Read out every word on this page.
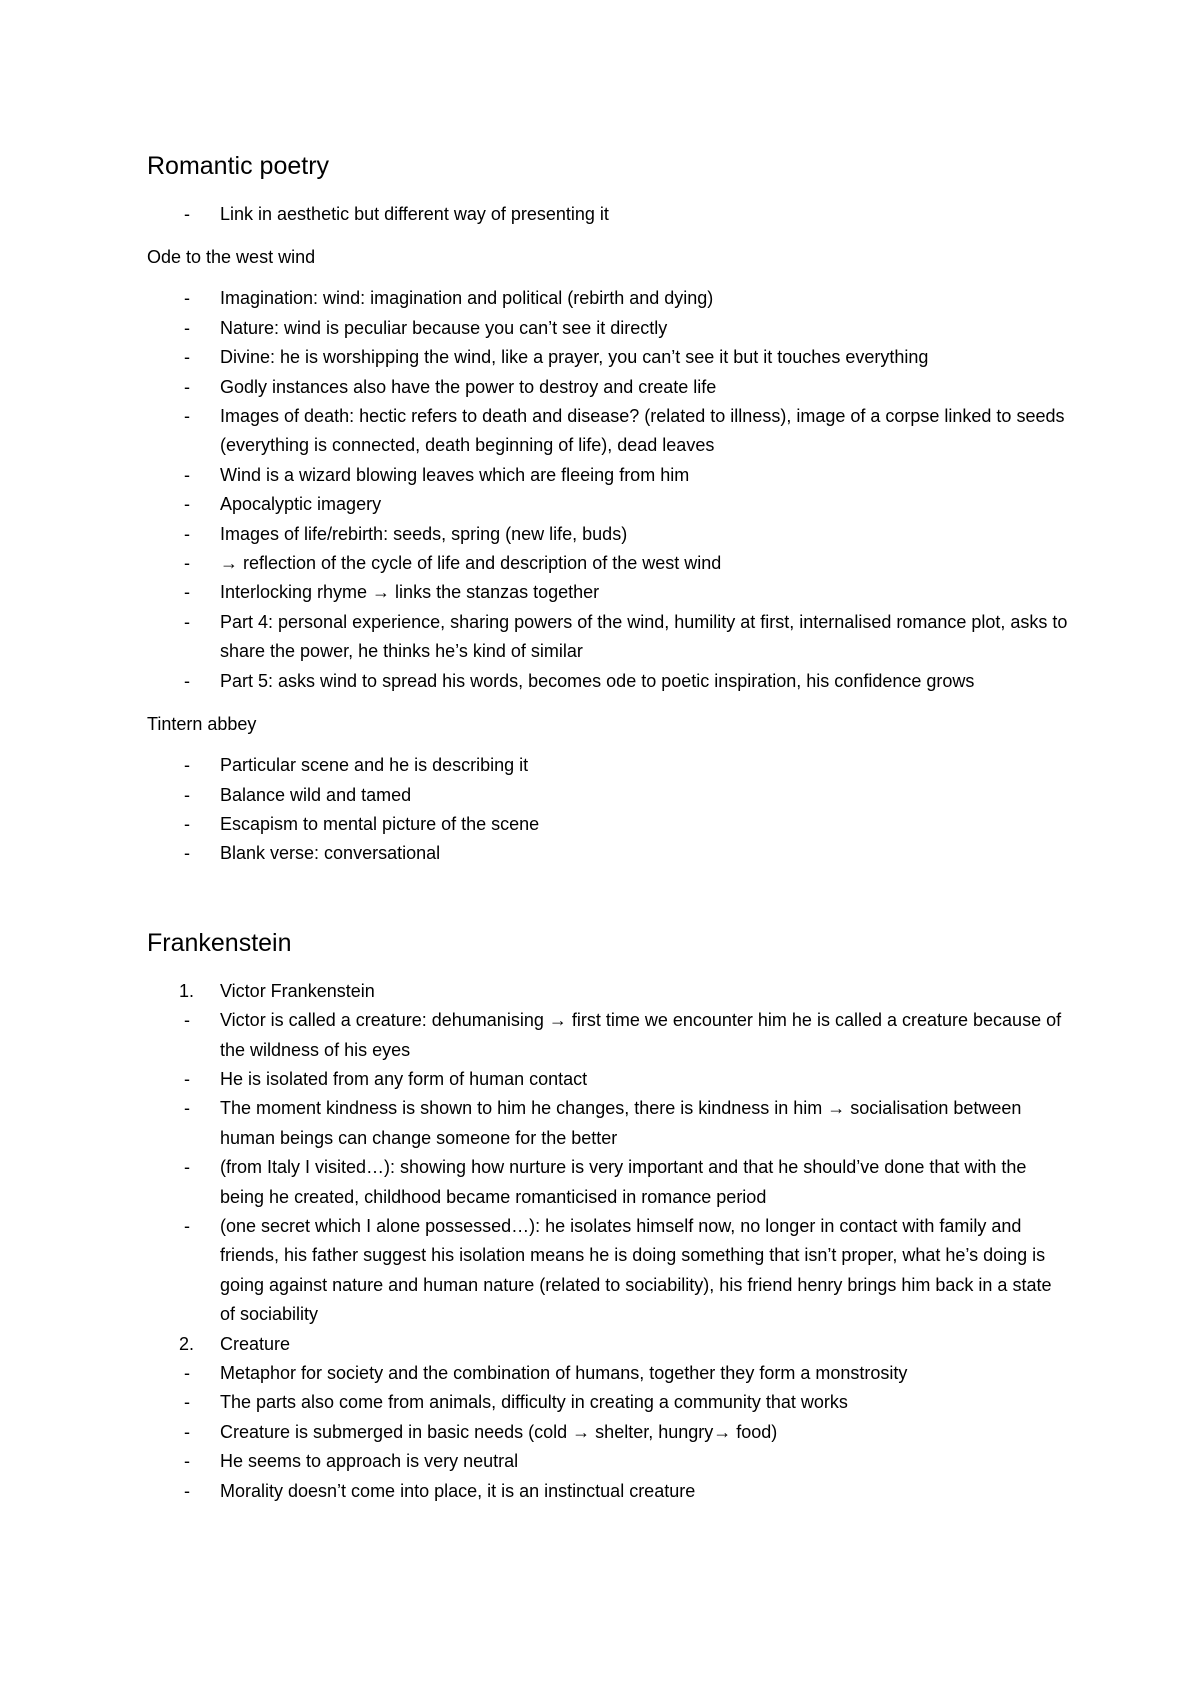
Romantic poetry
- Link in aesthetic but different way of presenting it
Ode to the west wind
- Imagination: wind: imagination and political (rebirth and dying)
- Nature: wind is peculiar because you can’t see it directly
- Divine: he is worshipping the wind, like a prayer, you can’t see it but it touches everything
- Godly instances also have the power to destroy and create life
- Images of death: hectic refers to death and disease? (related to illness), image of a corpse linked to seeds (everything is connected, death beginning of life), dead leaves
- Wind is a wizard blowing leaves which are fleeing from him
- Apocalyptic imagery
- Images of life/rebirth: seeds, spring (new life, buds)
- → reflection of the cycle of life and description of the west wind
- Interlocking rhyme → links the stanzas together
- Part 4: personal experience, sharing powers of the wind, humility at first, internalised romance plot, asks to share the power, he thinks he’s kind of similar
- Part 5: asks wind to spread his words, becomes ode to poetic inspiration, his confidence grows
Tintern abbey
- Particular scene and he is describing it
- Balance wild and tamed
- Escapism to mental picture of the scene
- Blank verse: conversational
Frankenstein
1. Victor Frankenstein
- Victor is called a creature: dehumanising → first time we encounter him he is called a creature because of the wildness of his eyes
- He is isolated from any form of human contact
- The moment kindness is shown to him he changes, there is kindness in him → socialisation between human beings can change someone for the better
- (from Italy I visited…): showing how nurture is very important and that he should’ve done that with the being he created, childhood became romanticised in romance period
- (one secret which I alone possessed…): he isolates himself now, no longer in contact with family and friends, his father suggest his isolation means he is doing something that isn’t proper, what he’s doing is going against nature and human nature (related to sociability), his friend henry brings him back in a state of sociability
2. Creature
- Metaphor for society and the combination of humans, together they form a monstrosity
- The parts also come from animals, difficulty in creating a community that works
- Creature is submerged in basic needs (cold → shelter, hungry→ food)
- He seems to approach is very neutral
- Morality doesn’t come into place, it is an instinctual creature
